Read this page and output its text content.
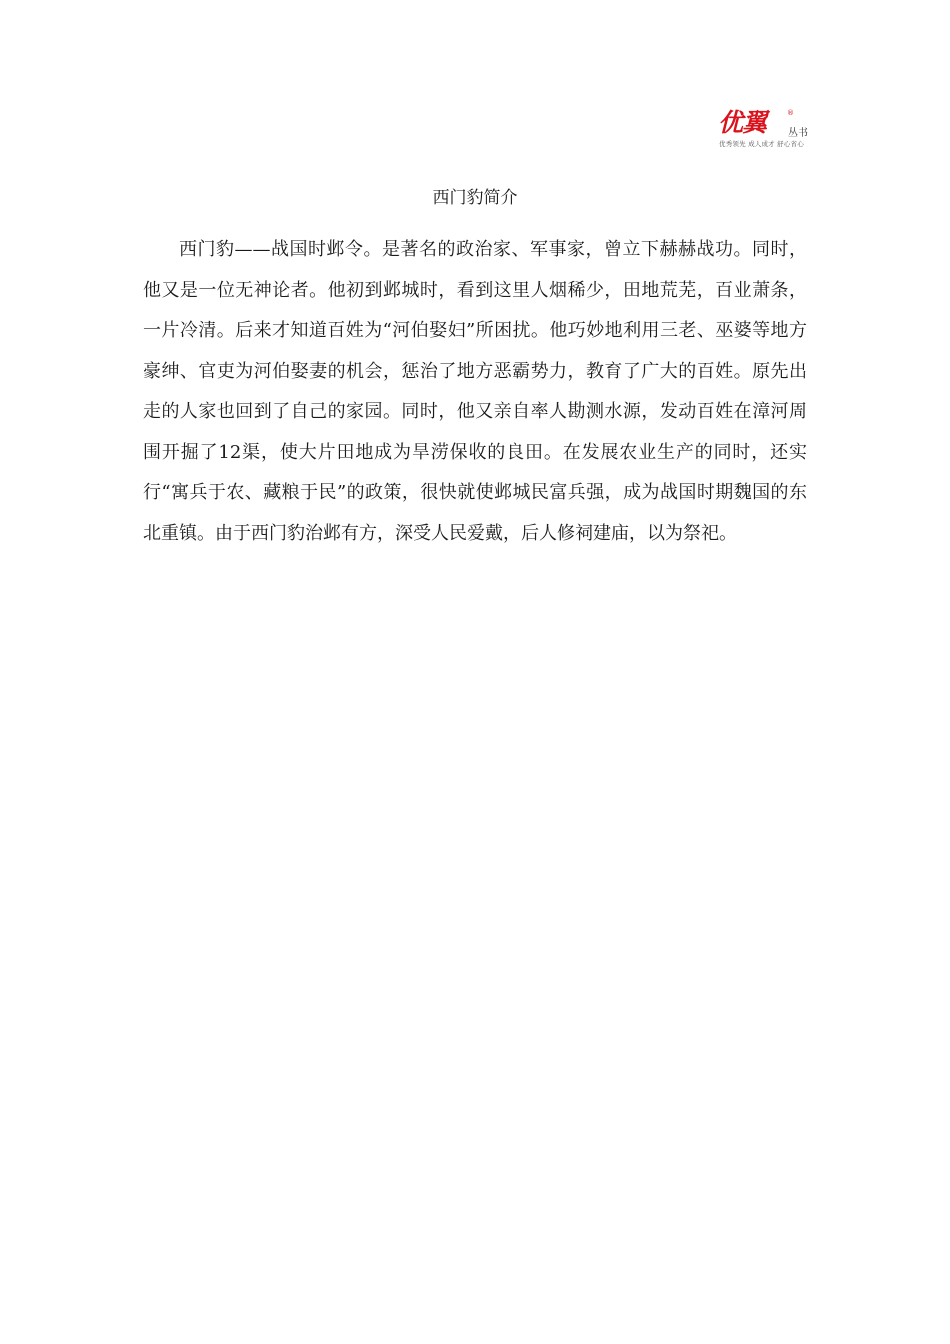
优翼	®
丛书
优秀领先 成人成才 舒心省心
西门豹简介

西门豹——战国时邺令。是著名的政治家、军事家，曾立下赫赫战功。同时，他又是一位无神论者。他初到邺城时，看到这里人烟稀少，田地荒芜，百业萧条，一片冷清。后来才知道百姓为“河伯娶妇”所困扰。他巧妙地利用三老、巫婆等地方豪绅、官吏为河伯娶妻的机会，惩治了地方恶霸势力，教育了广大的百姓。原先出走的人家也回到了自己的家园。同时，他又亲自率人勘测水源，发动百姓在漳河周围开掘了12渠，使大片田地成为旱涝保收的良田。在发展农业生产的同时，还实行“寓兵于农、藏粮于民”的政策，很快就使邺城民富兵强，成为战国时期魏国的东北重镇。由于西门豹治邺有方，深受人民爱戴，后人修祠建庙，以为祭祀。
